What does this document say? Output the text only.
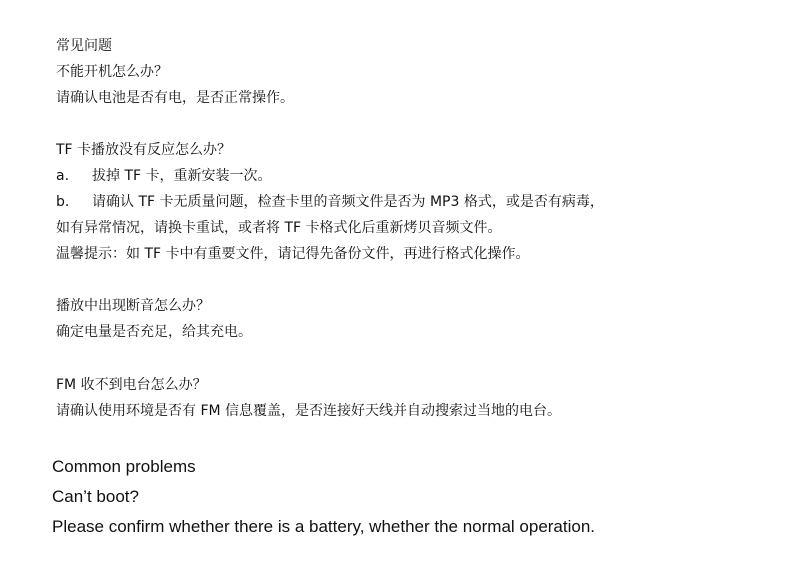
常见问题

不能开机怎么办？

请确认电池是否有电，是否正常操作。

TF 卡播放没有反应怎么办？

a. 拔掉 TF 卡，重新安装一次。

b. 请确认 TF 卡无质量问题，检查卡里的音频文件是否为 MP3 格式，或是否有病毒，

如有异常情况，请换卡重试，或者将 TF 卡格式化后重新烤贝音频文件。

温馨提示：如 TF 卡中有重要文件，请记得先备份文件，再进行格式化操作。

播放中出现断音怎么办？

确定电量是否充足，给其充电。

FM 收不到电台怎么办？

请确认使用环境是否有 FM 信息覆盖，是否连接好天线并自动搜索过当地的电台。

Common problems

Can’t boot?

Please confirm whether there is a battery, whether the normal operation.
